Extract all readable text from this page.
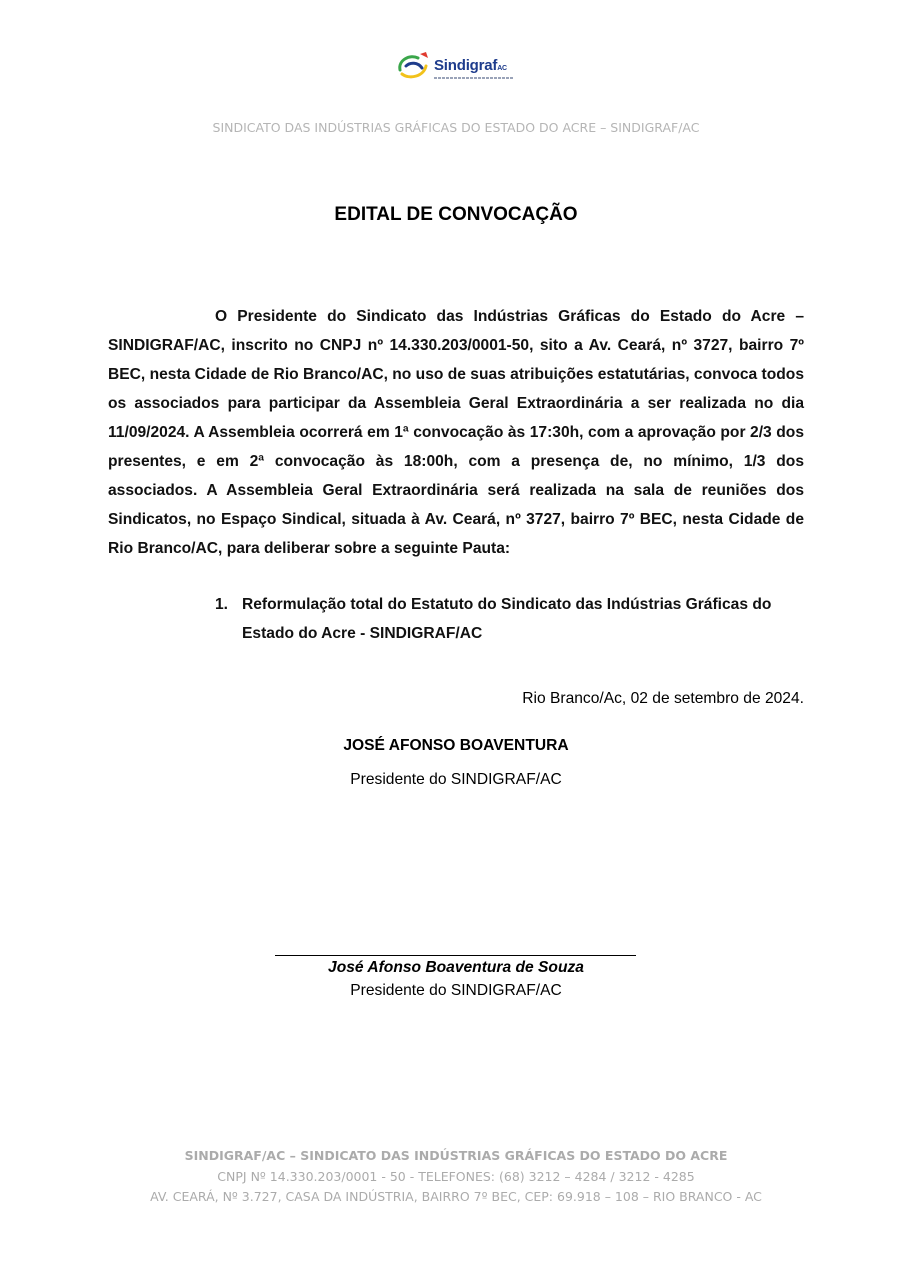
SindigrafAC
SINDICATO DAS INDÚSTRIAS GRÁFICAS DO ESTADO DO ACRE – SINDIGRAF/AC
EDITAL DE CONVOCAÇÃO

O Presidente do Sindicato das Indústrias Gráficas do Estado do Acre – SINDIGRAF/AC, inscrito no CNPJ nº 14.330.203/0001-50, sito a Av. Ceará, nº 3727, bairro 7º BEC, nesta Cidade de Rio Branco/AC, no uso de suas atribuições estatutárias, convoca todos os associados para participar da Assembleia Geral Extraordinária a ser realizada no dia 11/09/2024. A Assembleia ocorrerá em 1ª convocação às 17:30h, com a aprovação por 2/3 dos presentes, e em 2ª convocação às 18:00h, com a presença de, no mínimo, 1/3 dos associados. A Assembleia Geral Extraordinária será realizada na sala de reuniões dos Sindicatos, no Espaço Sindical, situada à Av. Ceará, nº 3727, bairro 7º BEC, nesta Cidade de Rio Branco/AC, para deliberar sobre a seguinte Pauta:

1. Reformulação total do Estatuto do Sindicato das Indústrias Gráficas do Estado do Acre - SINDIGRAF/AC
Rio Branco/Ac, 02 de setembro de 2024.
JOSÉ AFONSO BOAVENTURA
Presidente do SINDIGRAF/AC
José Afonso Boaventura de Souza
Presidente do SINDIGRAF/AC
SINDIGRAF/AC – SINDICATO DAS INDÚSTRIAS GRÁFICAS DO ESTADO DO ACRE
CNPJ Nº 14.330.203/0001 - 50 - TELEFONES: (68) 3212 – 4284 / 3212 - 4285
AV. CEARÁ, Nº 3.727, CASA DA INDÚSTRIA, BAIRRO 7º BEC, CEP: 69.918 – 108 – RIO BRANCO - AC
